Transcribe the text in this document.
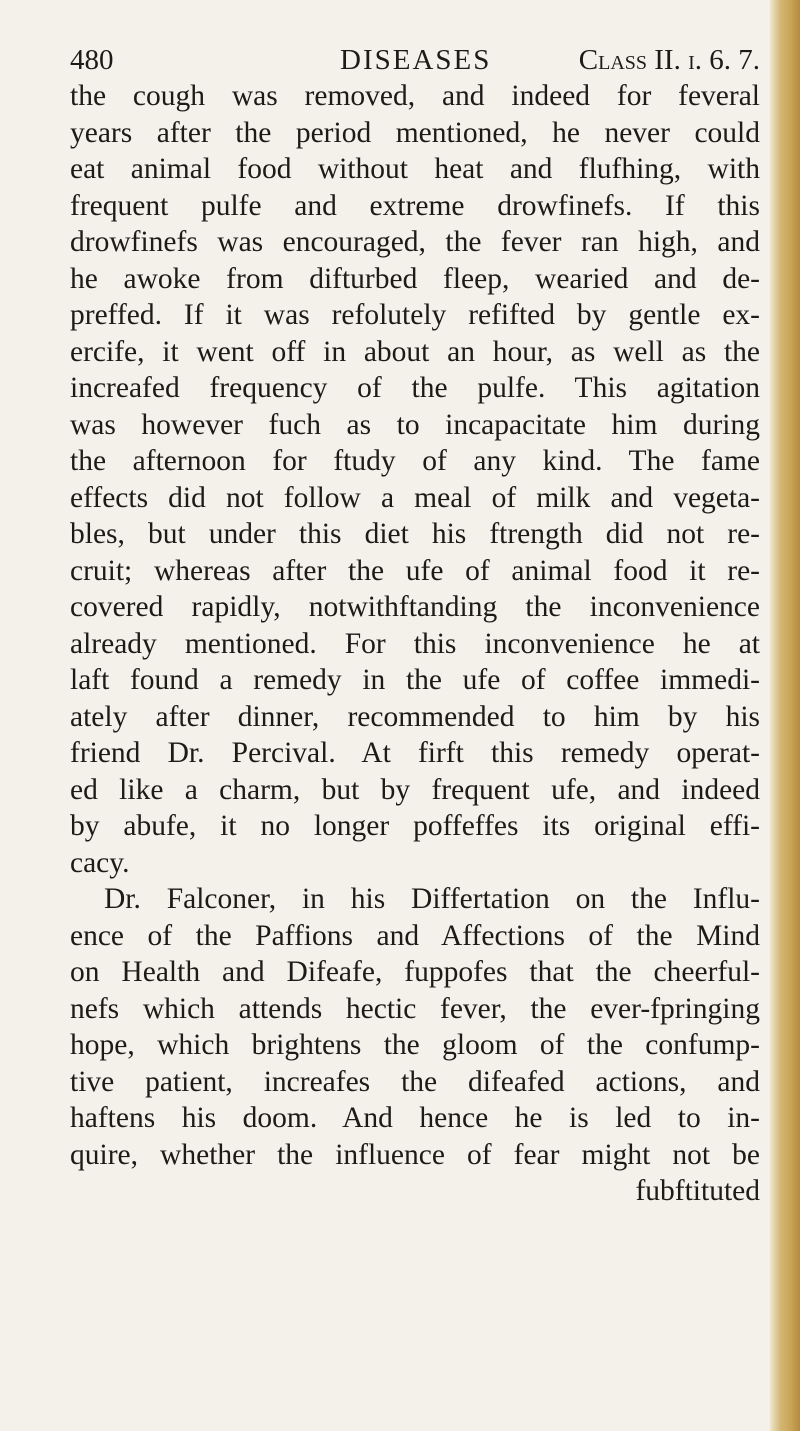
480	DISEASES	Class II. i. 6. 7.
the cough was removed, and indeed for feveral
years after the period mentioned, he never could
eat animal food without heat and flufhing, with
frequent pulfe and extreme drowfinefs. If this
drowfinefs was encouraged, the fever ran high, and
he awoke from difturbed fleep, wearied and de-
preffed. If it was refolutely refifted by gentle ex-
ercife, it went off in about an hour, as well as the
increafed frequency of the pulfe. This agitation
was however fuch as to incapacitate him during
the afternoon for ftudy of any kind. The fame
effects did not follow a meal of milk and vegeta-
bles, but under this diet his ftrength did not re-
cruit; whereas after the ufe of animal food it re-
covered rapidly, notwithftanding the inconvenience
already mentioned. For this inconvenience he at
laft found a remedy in the ufe of coffee immedi-
ately after dinner, recommended to him by his
friend Dr. Percival. At firft this remedy operat-
ed like a charm, but by frequent ufe, and indeed
by abufe, it no longer poffeffes its original effi-
cacy.
Dr. Falconer, in his Differtation on the Influ-
ence of the Paffions and Affections of the Mind
on Health and Difeafe, fuppofes that the cheerful-
nefs which attends hectic fever, the ever-fpringing
hope, which brightens the gloom of the confump-
tive patient, increafes the difeafed actions, and
haftens his doom. And hence he is led to in-
quire, whether the influence of fear might not be
fubftituted
